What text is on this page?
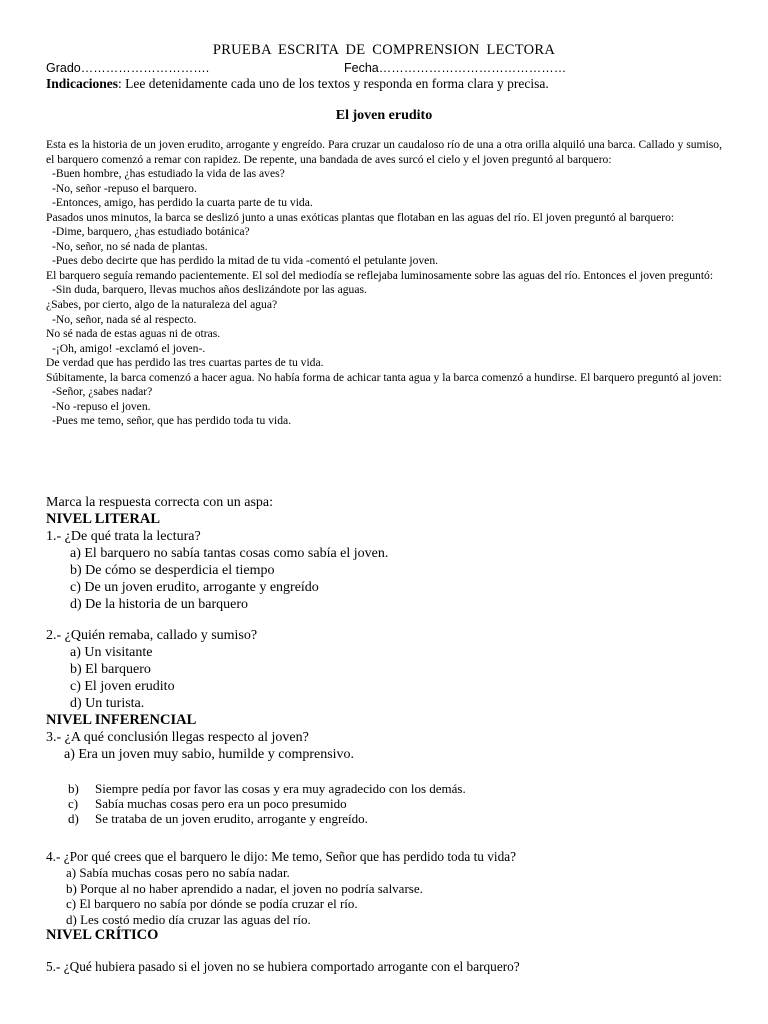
PRUEBA ESCRITA DE COMPRENSION LECTORA
Grado………………………….	Fecha………………………………………
Indicaciones: Lee detenidamente cada uno de los textos y responda en forma clara y precisa.
El joven erudito

Esta es la historia de un joven erudito, arrogante y engreído. Para cruzar un caudaloso río de una a otra orilla alquiló una barca. Callado y sumiso, el barquero comenzó a remar con rapidez. De repente, una bandada de aves surcó el cielo y el joven preguntó al barquero:

-Buen hombre, ¿has estudiado la vida de las aves?

-No, señor -repuso el barquero.

-Entonces, amigo, has perdido la cuarta parte de tu vida.

Pasados unos minutos, la barca se deslizó junto a unas exóticas plantas que flotaban en las aguas del río. El joven preguntó al barquero:

-Dime, barquero, ¿has estudiado botánica?

-No, señor, no sé nada de plantas.

-Pues debo decirte que has perdido la mitad de tu vida -comentó el petulante joven.

El barquero seguía remando pacientemente. El sol del mediodía se reflejaba luminosamente sobre las aguas del río. Entonces el joven preguntó:

-Sin duda, barquero, llevas muchos años deslizándote por las aguas.

¿Sabes, por cierto, algo de la naturaleza del agua?

-No, señor, nada sé al respecto.

No sé nada de estas aguas ni de otras.

-¡Oh, amigo! -exclamó el joven-.

De verdad que has perdido las tres cuartas partes de tu vida.

Súbitamente, la barca comenzó a hacer agua. No había forma de achicar tanta agua y la barca comenzó a hundirse. El barquero preguntó al joven:

-Señor, ¿sabes nadar?

-No -repuso el joven.

-Pues me temo, señor, que has perdido toda tu vida.

Marca la respuesta correcta con un aspa:
NIVEL LITERAL
1.- ¿De qué trata la lectura?
a) El barquero no sabía tantas cosas como sabía el joven.
b) De cómo se desperdicia el tiempo
c) De un joven erudito, arrogante y engreído
d) De la historia de un barquero
2.- ¿Quién remaba, callado y sumiso?
a) Un visitante
b) El barquero
c) El joven erudito
d) Un turista.
NIVEL INFERENCIAL
3.- ¿A qué conclusión llegas respecto al joven?
a) Era un joven muy sabio, humilde y comprensivo.
b) Siempre pedía por favor las cosas y era muy agradecido con los demás.
c) Sabía muchas cosas pero era un poco presumido
d) Se trataba de un joven erudito, arrogante y engreído.
4.- ¿Por qué crees que el barquero le dijo: Me temo, Señor que has perdido toda tu vida?
a) Sabía muchas cosas pero no sabía nadar.
b) Porque al no haber aprendido a nadar, el joven no podría salvarse.
c) El barquero no sabía por dónde se podía cruzar el río.
d) Les costó medio día cruzar las aguas del río.
NIVEL CRÍTICO
5.- ¿Qué hubiera pasado si el joven no se hubiera comportado arrogante con el barquero?
